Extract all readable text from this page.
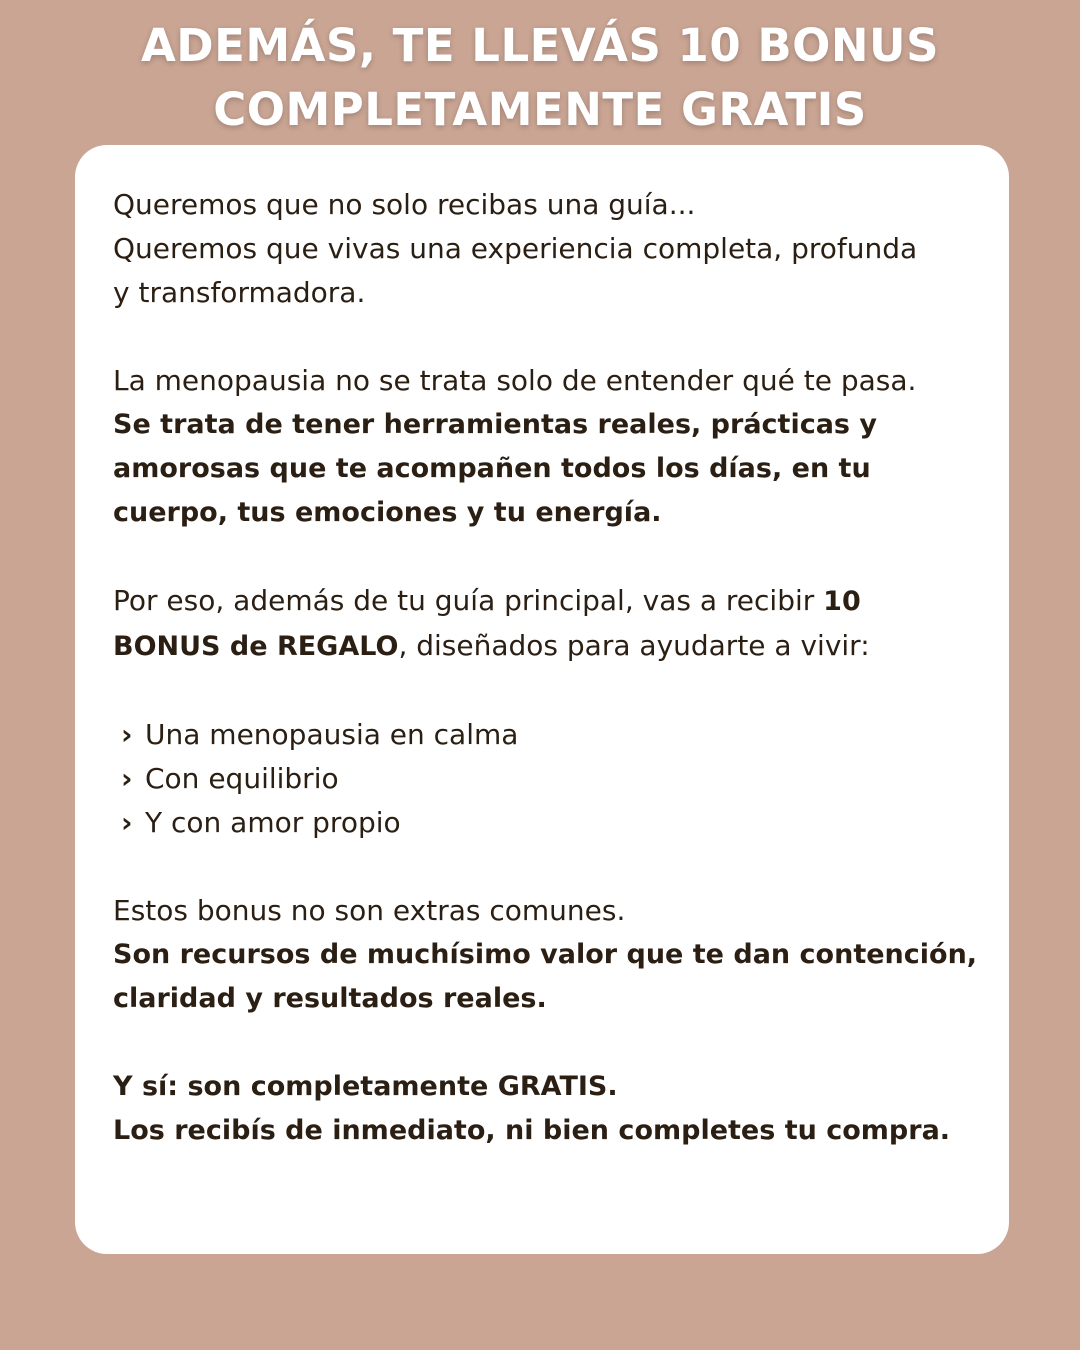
ADEMÁS, TE LLEVÁS 10 BONUS
COMPLETAMENTE GRATIS
Queremos que no solo recibas una guía...
Queremos que vivas una experiencia completa, profunda
y transformadora.
La menopausia no se trata solo de entender qué te pasa.
Se trata de tener herramientas reales, prácticas y
amorosas que te acompañen todos los días, en tu
cuerpo, tus emociones y tu energía.
Por eso, además de tu guía principal, vas a recibir 10
BONUS de REGALO, diseñados para ayudarte a vivir:
› Una menopausia en calma
› Con equilibrio
› Y con amor propio
Estos bonus no son extras comunes.
Son recursos de muchísimo valor que te dan contención,
claridad y resultados reales.
Y sí: son completamente GRATIS.
Los recibís de inmediato, ni bien completes tu compra.
